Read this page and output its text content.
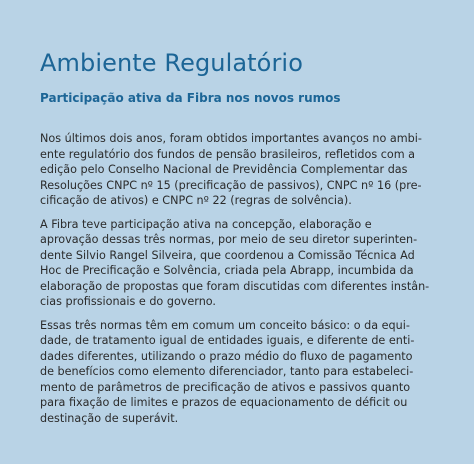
Ambiente Regulatório
Participação ativa da Fibra nos novos rumos

Nos últimos dois anos, foram obtidos importantes avanços no ambi-
ente regulatório dos fundos de pensão brasileiros, refletidos com a
edição pelo Conselho Nacional de Previdência Complementar das
Resoluções CNPC nº 15 (precificação de passivos), CNPC nº 16 (pre-
cificação de ativos) e CNPC nº 22 (regras de solvência).

A Fibra teve participação ativa na concepção, elaboração e
aprovação dessas três normas, por meio de seu diretor superinten-
dente Silvio Rangel Silveira, que coordenou a Comissão Técnica Ad
Hoc de Precificação e Solvência, criada pela Abrapp, incumbida da
elaboração de propostas que foram discutidas com diferentes instân-
cias profissionais e do governo.

Essas três normas têm em comum um conceito básico: o da equi-
dade, de tratamento igual de entidades iguais, e diferente de enti-
dades diferentes, utilizando o prazo médio do fluxo de pagamento
de benefícios como elemento diferenciador, tanto para estabeleci-
mento de parâmetros de precificação de ativos e passivos quanto
para fixação de limites e prazos de equacionamento de déficit ou
destinação de superávit.
